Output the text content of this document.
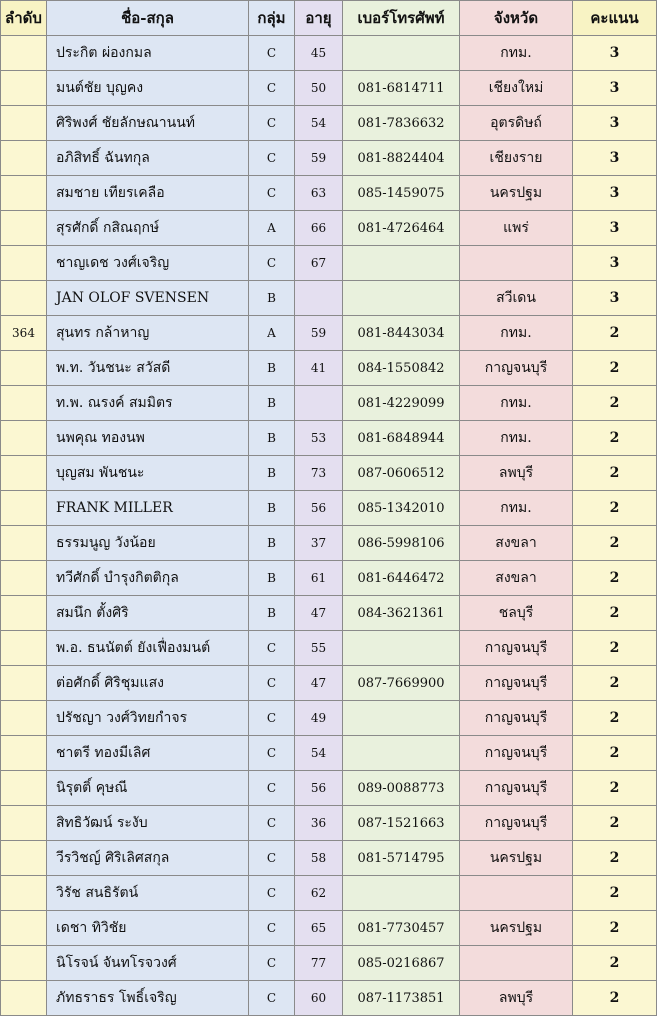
ลำดับ	ชื่อ-สกุล	กลุ่ม	อายุ	เบอร์โทรศัพท์	จังหวัด	คะแนน
	ประกิต ผ่องกมล	C	45		กทม.	3
	มนต์ชัย บุญคง	C	50	081-6814711	เชียงใหม่	3
	ศิริพงศ์ ชัยลักษณานนท์	C	54	081-7836632	อุตรดิษถ์	3
	อภิสิทธิ์ ฉันทกุล	C	59	081-8824404	เชียงราย	3
	สมชาย เทียรเคลือ	C	63	085-1459075	นครปฐม	3
	สุรศักดิ์ กสิณฤกษ์	A	66	081-4726464	แพร่	3
	ชาญเดช วงศ์เจริญ	C	67			3
	JAN OLOF SVENSEN	B			สวีเดน	3
364	สุนทร กล้าหาญ	A	59	081-8443034	กทม.	2
	พ.ท. วันชนะ สวัสดี	B	41	084-1550842	กาญจนบุรี	2
	ท.พ. ณรงค์ สมมิตร	B		081-4229099	กทม.	2
	นพคุณ ทองนพ	B	53	081-6848944	กทม.	2
	บุญสม พันชนะ	B	73	087-0606512	ลพบุรี	2
	FRANK MILLER	B	56	085-1342010	กทม.	2
	ธรรมนูญ วังน้อย	B	37	086-5998106	สงขลา	2
	ทวีศักดิ์ บำรุงกิตติกุล	B	61	081-6446472	สงขลา	2
	สมนึก ตั้งศิริ	B	47	084-3621361	ชลบุรี	2
	พ.อ. ธนนัตต์ ยังเฟื่องมนต์	C	55		กาญจนบุรี	2
	ต่อศักดิ์ ศิริชุมแสง	C	47	087-7669900	กาญจนบุรี	2
	ปรัชญา วงศ์วิทยกำจร	C	49		กาญจนบุรี	2
	ชาตรี ทองมีเลิศ	C	54		กาญจนบุรี	2
	นิรุตติ์ คุษณี	C	56	089-0088773	กาญจนบุรี	2
	สิทธิวัฒน์ ระงับ	C	36	087-1521663	กาญจนบุรี	2
	วีรวิชญ์ ศิริเลิศสกุล	C	58	081-5714795	นครปฐม	2
	วิรัช สนธิรัตน์	C	62			2
	เดชา ทิวิชัย	C	65	081-7730457	นครปฐม	2
	นิโรจน์ จันทโรจวงศ์	C	77	085-0216867		2
	ภัทธราธร โพธิ์เจริญ	C	60	087-1173851	ลพบุรี	2
